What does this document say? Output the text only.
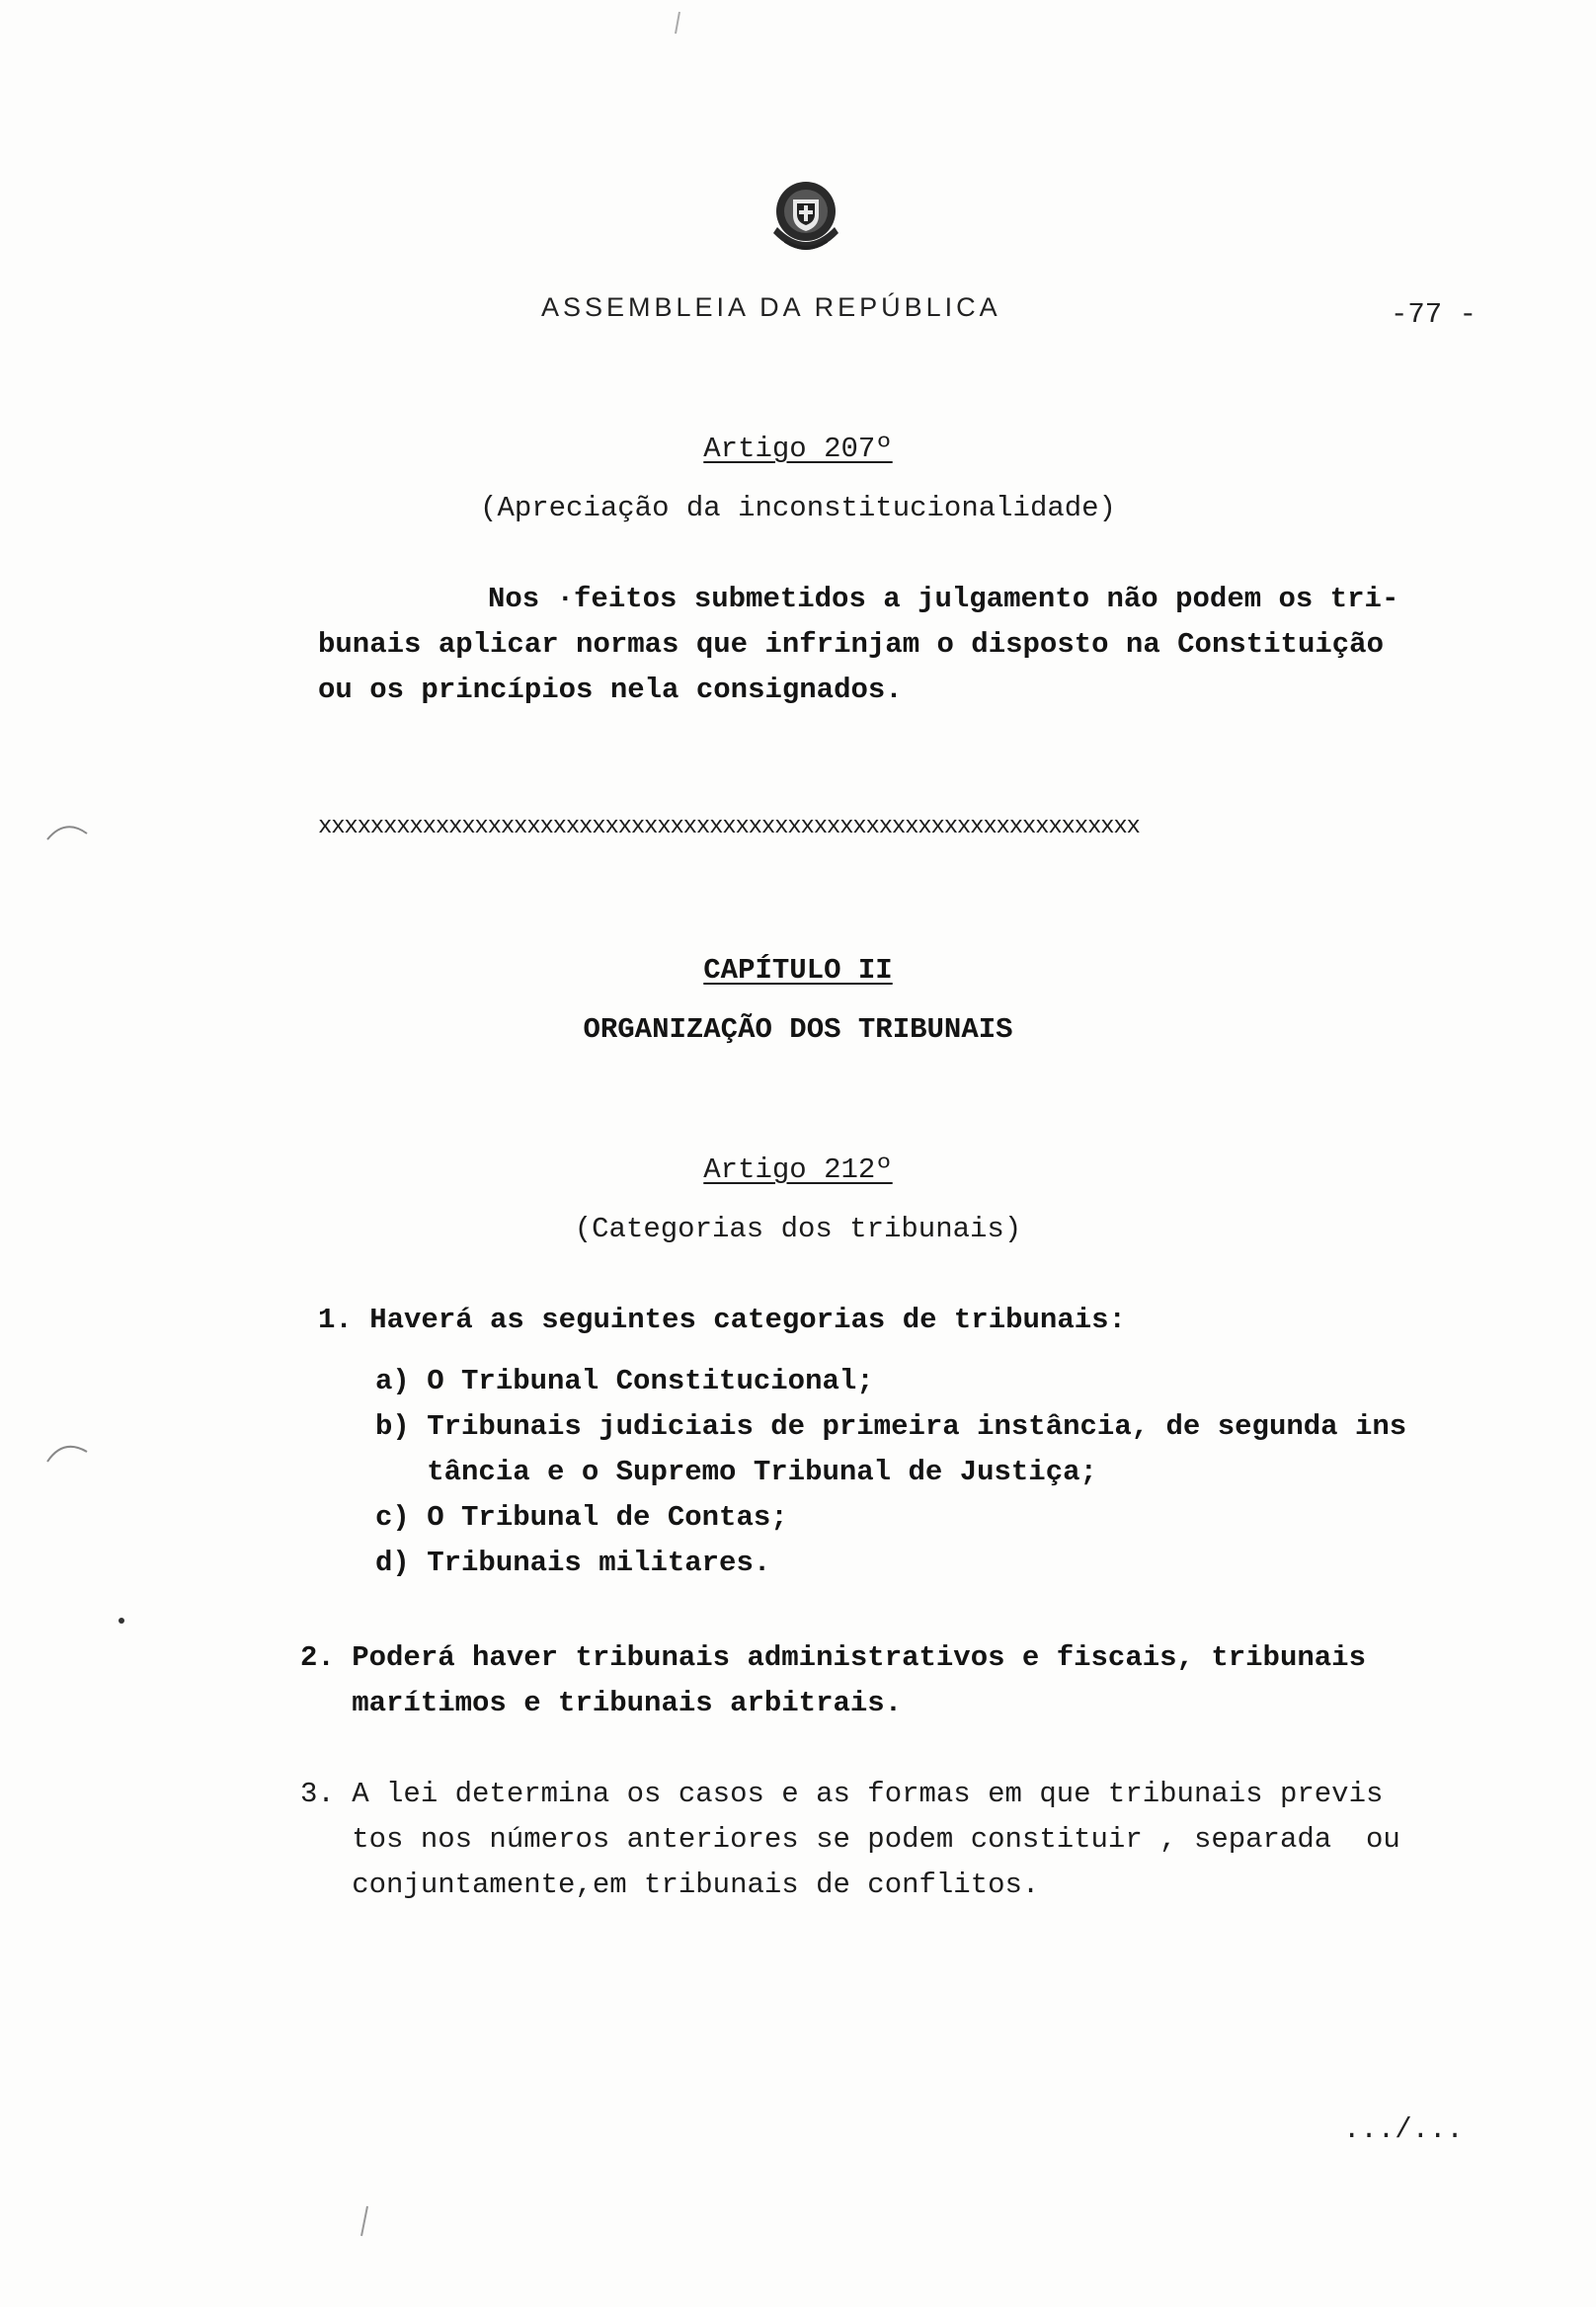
ASSEMBLEIA DA REPÚBLICA	-77 -
Artigo 207º
(Apreciação da inconstitucionalidade)
Nos ·feitos submetidos a julgamento não podem os tri-
bunais aplicar normas que infrinjam o disposto na Constituição
ou os princípios nela consignados.
xxxxxxxxxxxxxxxxxxxxxxxxxxxxxxxxxxxxxxxxxxxxxxxxxxxxxxxxxxxxxxx
CAPÍTULO II
ORGANIZAÇÃO DOS TRIBUNAIS
Artigo 212º
(Categorias dos tribunais)
1. Haverá as seguintes categorias de tribunais:
a) O Tribunal Constitucional;
b) Tribunais judiciais de primeira instância, de segunda ins
tância e o Supremo Tribunal de Justiça;
c) O Tribunal de Contas;
d) Tribunais militares.
2. Poderá haver tribunais administrativos e fiscais, tribunais
marítimos e tribunais arbitrais.
3. A lei determina os casos e as formas em que tribunais previs
tos nos números anteriores se podem constituir , separada  ou
conjuntamente,em tribunais de conflitos.
.../...
